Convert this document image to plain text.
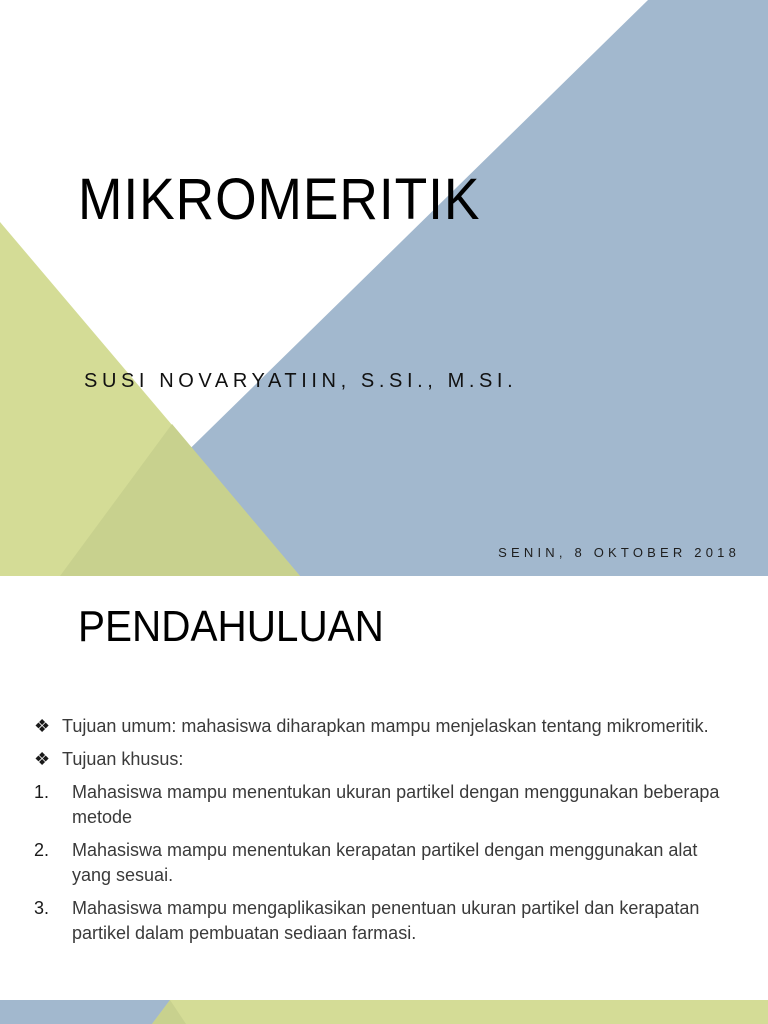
MIKROMERITIK

SUSI NOVARYATIIN, S.SI., M.SI.

SENIN, 8 OKTOBER 2018

PENDAHULUAN
❖ Tujuan umum: mahasiswa diharapkan mampu menjelaskan tentang mikromeritik.
❖ Tujuan khusus:
1.	Mahasiswa mampu menentukan ukuran partikel dengan menggunakan beberapa metode
2.	Mahasiswa mampu menentukan kerapatan partikel dengan menggunakan alat yang sesuai.
3.	Mahasiswa mampu mengaplikasikan penentuan ukuran partikel dan kerapatan partikel dalam pembuatan sediaan farmasi.
